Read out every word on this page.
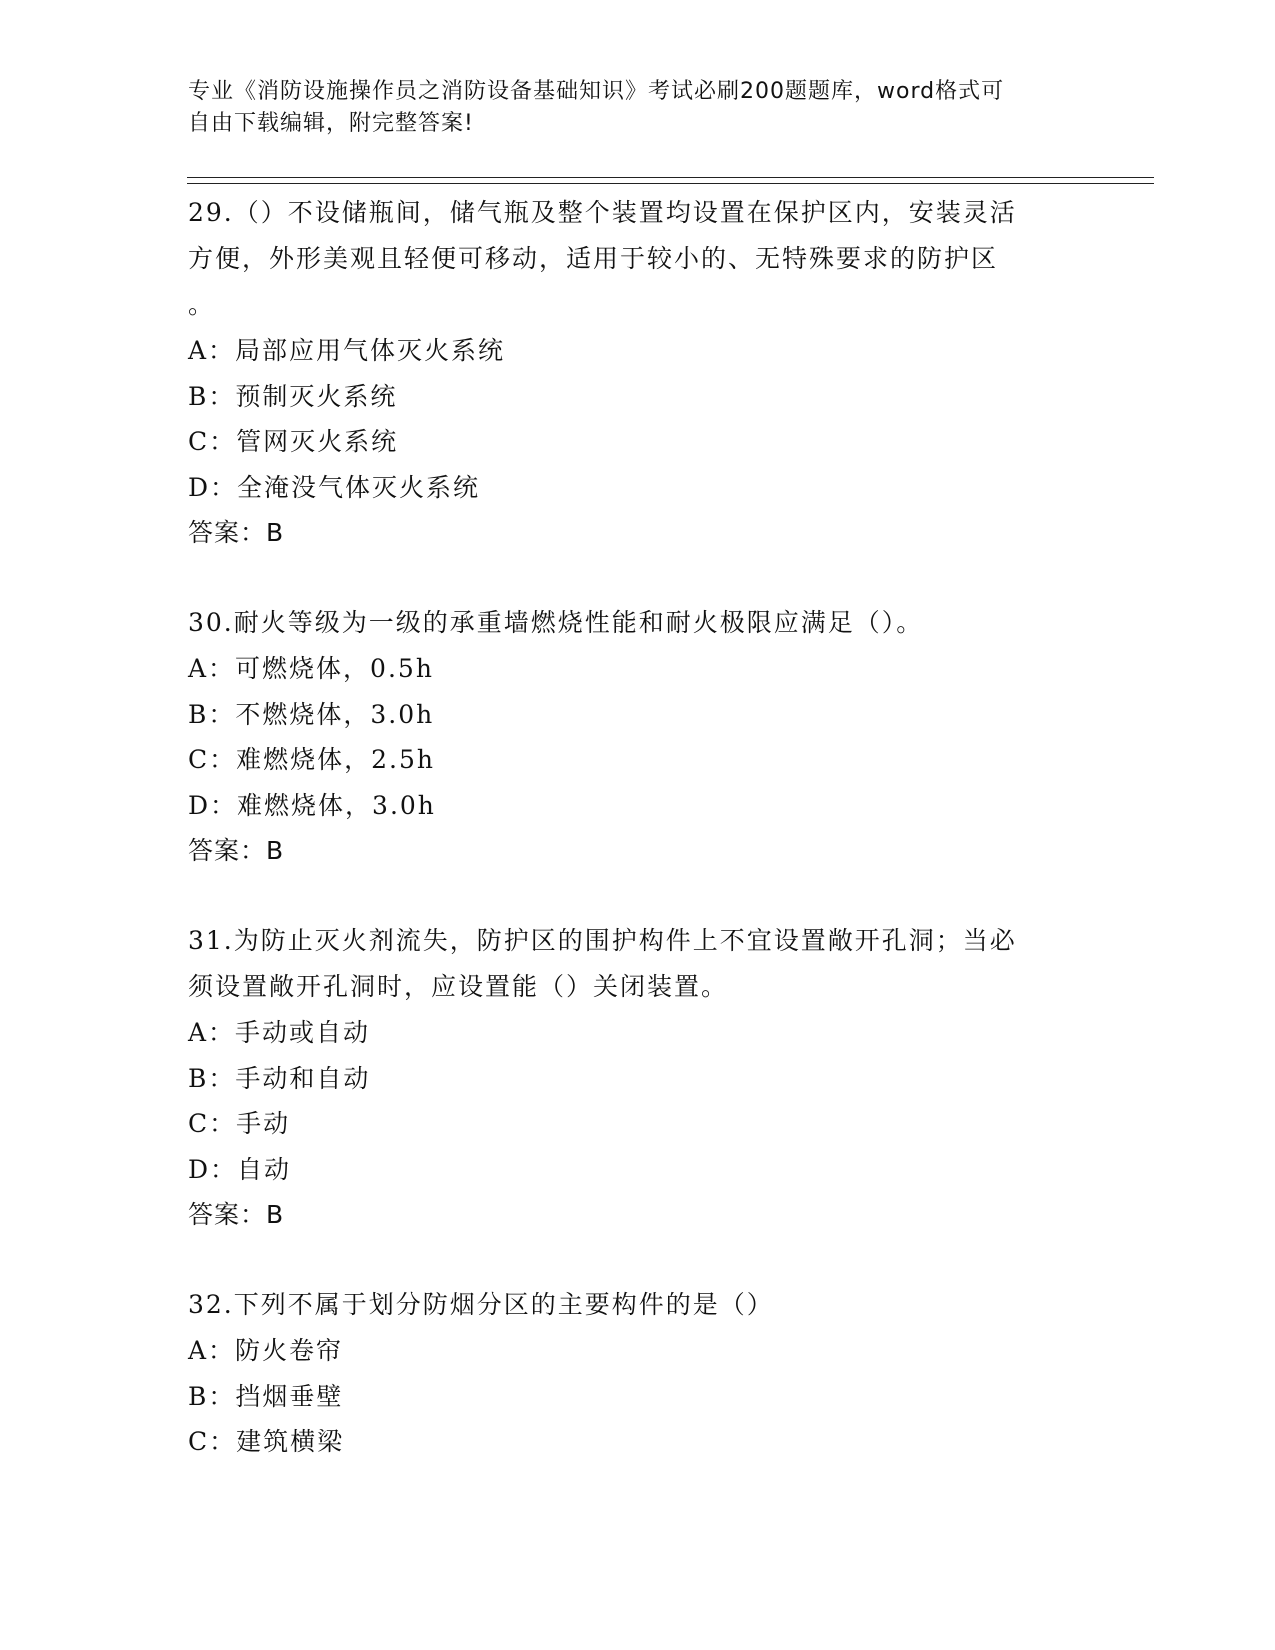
专业《消防设施操作员之消防设备基础知识》考试必刷200题题库，word格式可
自由下载编辑，附完整答案!
29.（）不设储瓶间，储气瓶及整个装置均设置在保护区内，安装灵活
方便，外形美观且轻便可移动，适用于较小的、无特殊要求的防护区
。
A：局部应用气体灭火系统
B：预制灭火系统
C：管网灭火系统
D：全淹没气体灭火系统
答案：B
30.耐火等级为一级的承重墙燃烧性能和耐火极限应满足（）。
A：可燃烧体，0.5h
B：不燃烧体，3.0h
C：难燃烧体，2.5h
D：难燃烧体，3.0h
答案：B
31.为防止灭火剂流失，防护区的围护构件上不宜设置敞开孔洞；当必
须设置敞开孔洞时，应设置能（）关闭装置。
A：手动或自动
B：手动和自动
C：手动
D：自动
答案：B
32.下列不属于划分防烟分区的主要构件的是（）
A：防火卷帘
B：挡烟垂壁
C：建筑横梁
